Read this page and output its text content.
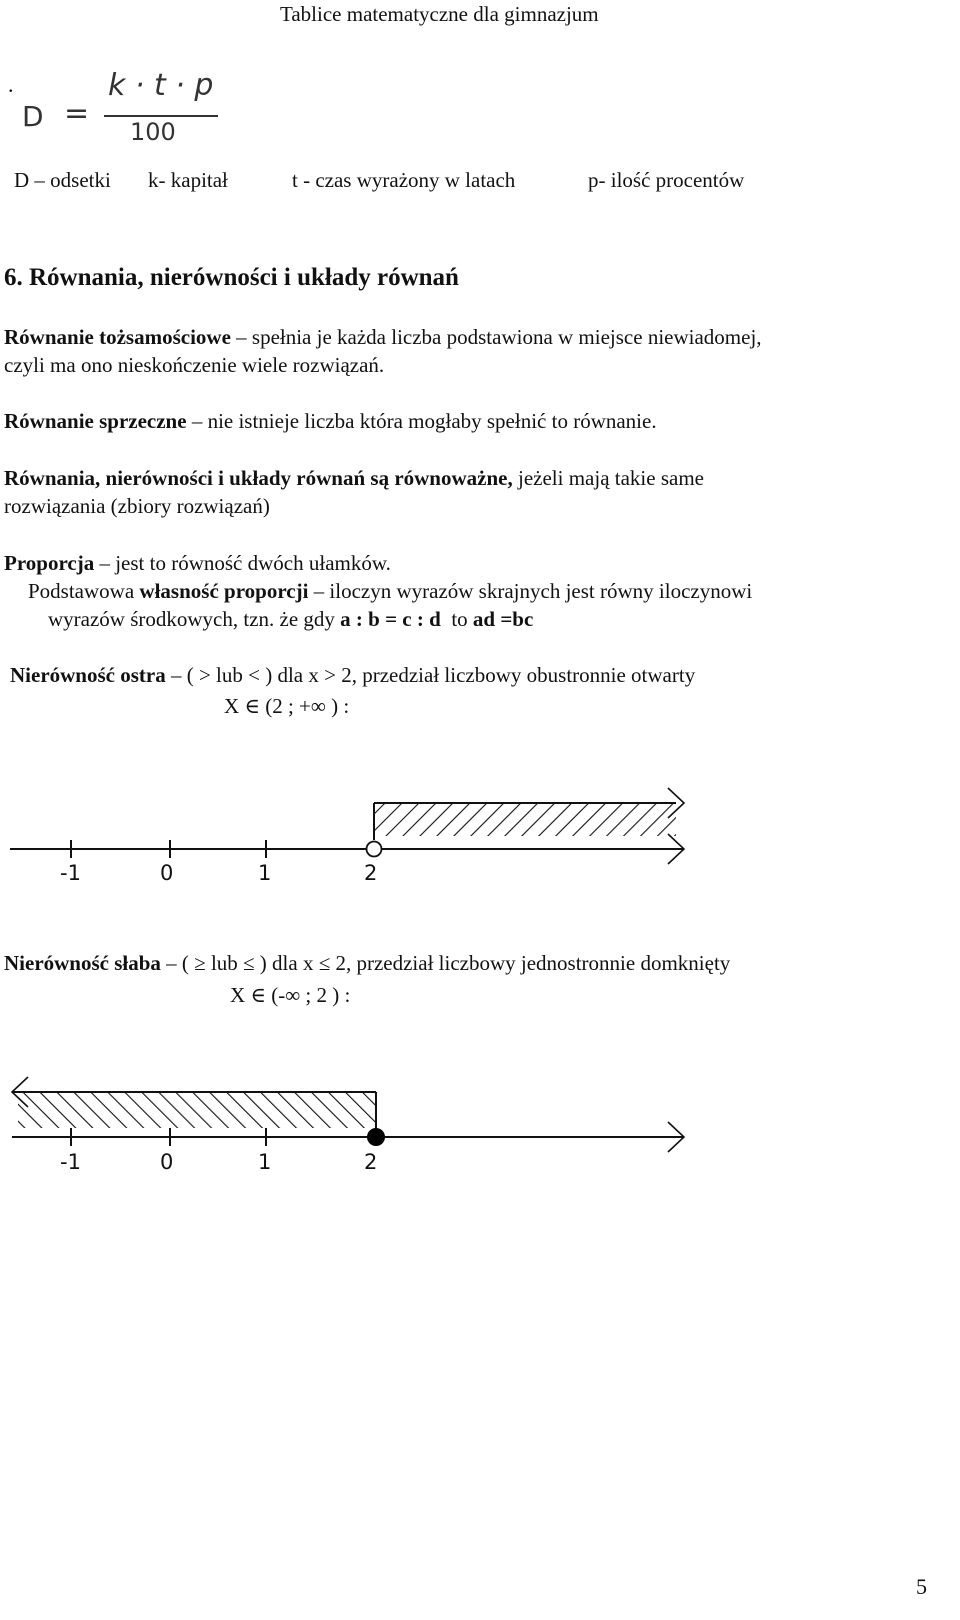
Tablice matematyczne dla gimnazjum
.
D =
k · t · p
100
D – odsetki k- kapitał	t - czas wyrażony w latach	p- ilość procentów
6. Równania, nierówności i układy równań
Równanie tożsamościowe – spełnia je każda liczba podstawiona w miejsce niewiadomej,
czyli ma ono nieskończenie wiele rozwiązań.
Równanie sprzeczne – nie istnieje liczba która mogłaby spełnić to równanie.
Równania, nierówności i układy równań są równoważne, jeżeli mają takie same
rozwiązania (zbiory rozwiązań)
Proporcja – jest to równość dwóch ułamków.
Podstawowa własność proporcji – iloczyn wyrazów skrajnych jest równy iloczynowi
wyrazów środkowych, tzn. że gdy a : b = c : d  to ad =bc
Nierówność ostra – ( > lub < ) dla x > 2, przedział liczbowy obustronnie otwarty
X ∈ (2 ; +∞ ) :
-1	0	1	2
Nierówność słaba – ( ≥ lub ≤ ) dla x ≤ 2, przedział liczbowy jednostronnie domknięty
X ∈ (-∞ ; 2 ) :
-1	0	1	2
5
